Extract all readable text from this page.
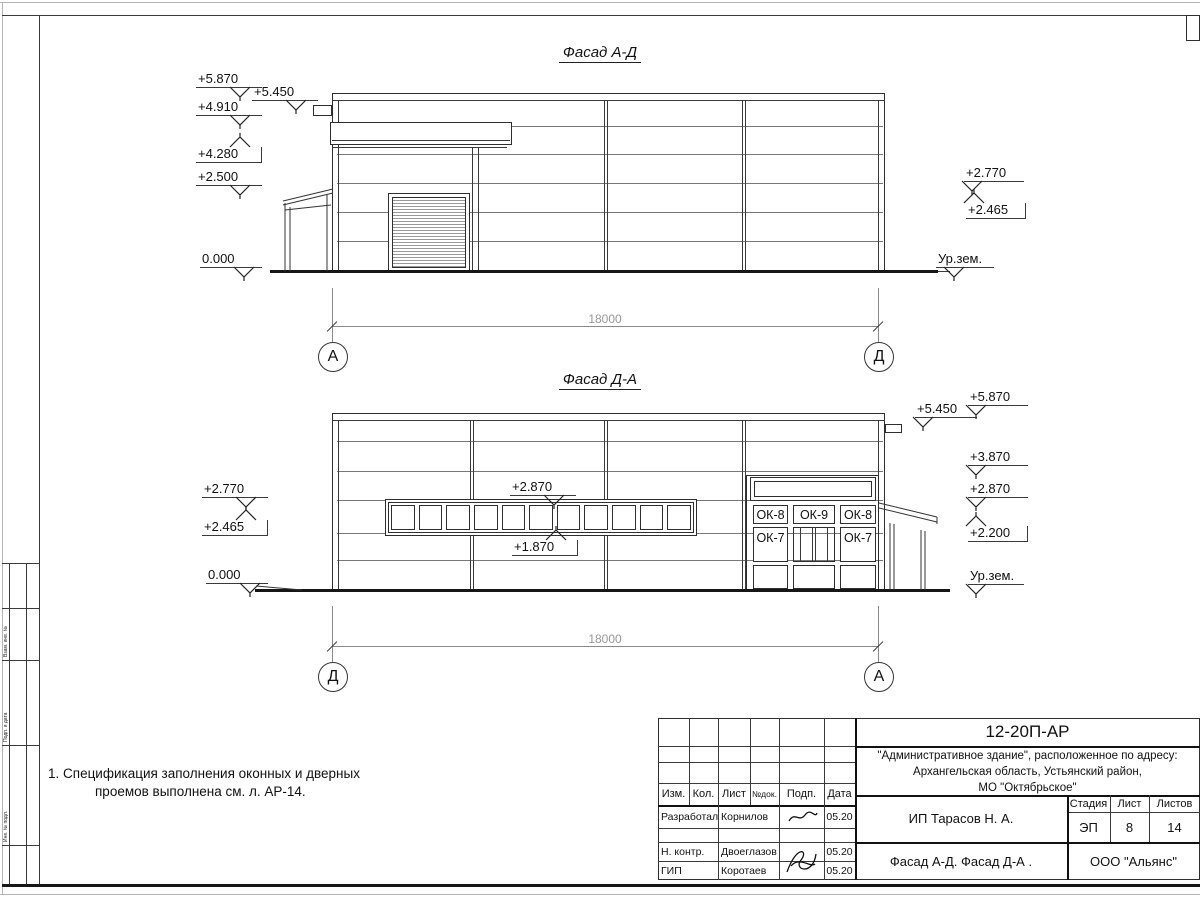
Взам. инв. №
Подп. и дата
Инв. № подл.
Фасад А-Д
+5.870
+5.450
+4.910
+4.280
+2.500
0.000
+2.770
+2.465
Ур.зем.
18000
А	Д
Фасад Д-А
ОК-8 ОК-9 ОК-8
ОК-7	ОК-7
+2.770
+2.465
0.000
+2.870
+1.870
+5.450
+5.870
+3.870
+2.870
+2.200
Ур.зем.
18000
Д	А
1. Спецификация заполнения оконных и дверных
проемов выполнена см. л. АР-14.	Изм. Кол. Лист №док. Подп.	Дата
Разработал Корнилов	05.20
Н. контр.	Двоеглазов	05.20
ГИП	Коротаев	05.20
12-20П-АР
"Административное здание", расположенное по адресу:
Архангельская область, Устьянский район,
МО "Октябрьское"
ИП Тарасов Н. А.
Фасад А-Д. Фасад Д-А .
Стадия Лист	Листов
ЭП	8	14
ООО "Альянс"
